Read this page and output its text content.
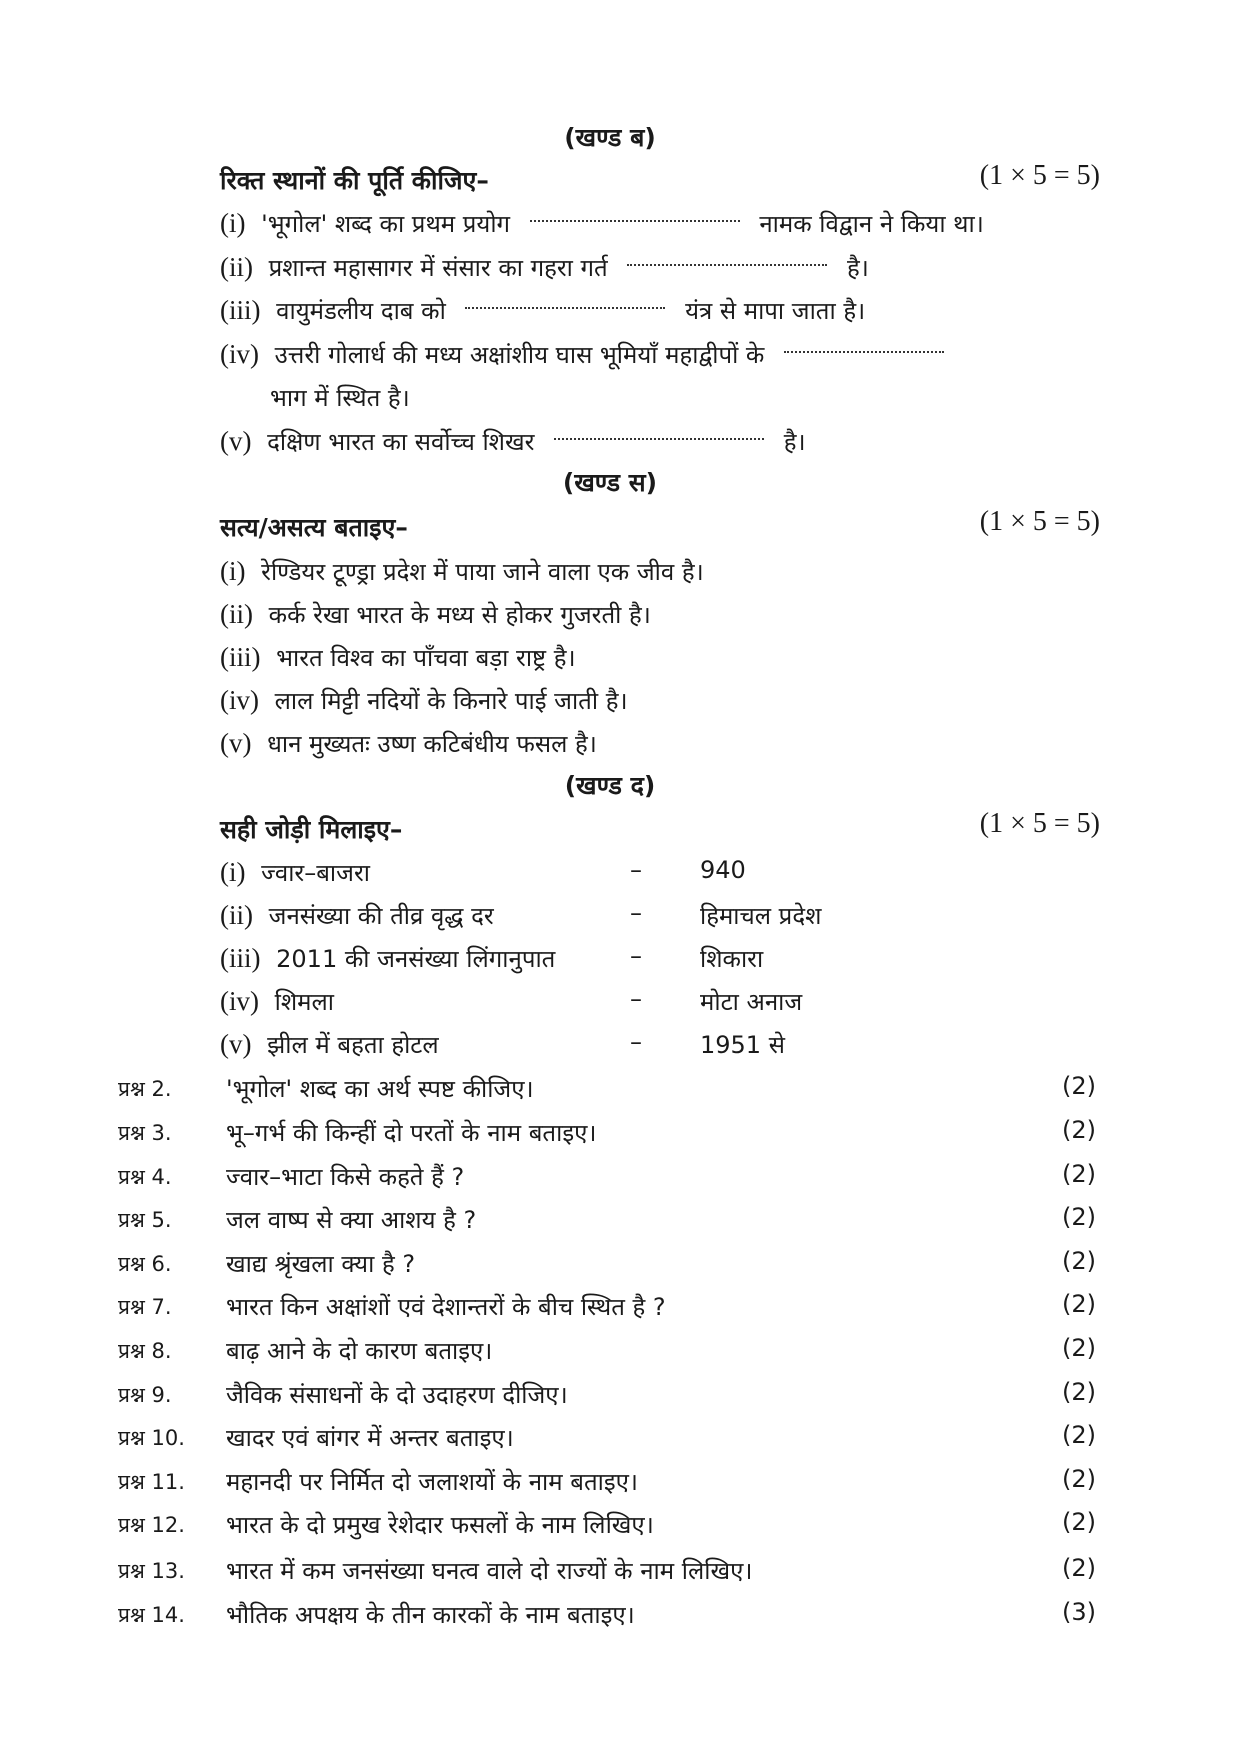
(खण्ड ब)
रिक्त स्थानों की पूर्ति कीजिए–	(1 × 5 = 5)
(i) 'भूगोल' शब्द का प्रथम प्रयोग	नामक विद्वान ने किया था।
(ii) प्रशान्त महासागर में संसार का गहरा गर्त	है।
(iii) वायुमंडलीय दाब को	यंत्र से मापा जाता है।
(iv) उत्तरी गोलार्ध की मध्य अक्षांशीय घास भूमियाँ महाद्वीपों के
भाग में स्थित है।
(v) दक्षिण भारत का सर्वोच्च शिखर	है।
(खण्ड स)
सत्य/असत्य बताइए–	(1 × 5 = 5)
(i) रेण्डियर टूण्ड्रा प्रदेश में पाया जाने वाला एक जीव है।
(ii) कर्क रेखा भारत के मध्य से होकर गुजरती है।
(iii) भारत विश्व का पाँचवा बड़ा राष्ट्र है।
(iv) लाल मिट्टी नदियों के किनारे पाई जाती है।
(v) धान मुख्यतः उष्ण कटिबंधीय फसल है।
(खण्ड द)
सही जोड़ी मिलाइए–	(1 × 5 = 5)
(i) ज्वार–बाजरा	– 940
(ii) जनसंख्या की तीव्र वृद्ध दर	– हिमाचल प्रदेश
(iii) 2011 की जनसंख्या लिंगानुपात	– शिकारा
(iv) शिमला	– मोटा अनाज
(v) झील में बहता होटल	– 1951 से
प्रश्न 2. 'भूगोल' शब्द का अर्थ स्पष्ट कीजिए।	(2)
प्रश्न 3. भू–गर्भ की किन्हीं दो परतों के नाम बताइए।	(2)
प्रश्न 4. ज्वार–भाटा किसे कहते हैं ?	(2)
प्रश्न 5. जल वाष्प से क्या आशय है ?	(2)
प्रश्न 6. खाद्य श्रृंखला क्या है ?	(2)
प्रश्न 7. भारत किन अक्षांशों एवं देशान्तरों के बीच स्थित है ?	(2)
प्रश्न 8. बाढ़ आने के दो कारण बताइए।	(2)
प्रश्न 9. जैविक संसाधनों के दो उदाहरण दीजिए।	(2)
प्रश्न 10. खादर एवं बांगर में अन्तर बताइए।	(2)
प्रश्न 11. महानदी पर निर्मित दो जलाशयों के नाम बताइए।	(2)
प्रश्न 12. भारत के दो प्रमुख रेशेदार फसलों के नाम लिखिए।	(2)
प्रश्न 13. भारत में कम जनसंख्या घनत्व वाले दो राज्यों के नाम लिखिए।	(2)
प्रश्न 14. भौतिक अपक्षय के तीन कारकों के नाम बताइए।	(3)
